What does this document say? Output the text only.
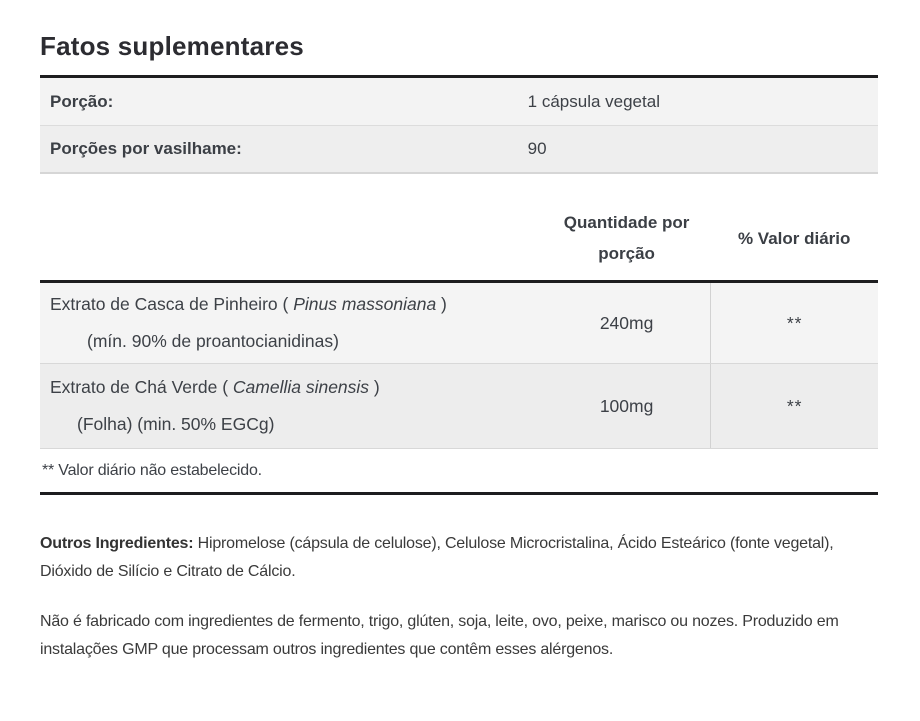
Fatos suplementares
Porção:	1 cápsula vegetal
Porções por vasilhame:	90
Quantidade por porção
% Valor diário
Extrato de Casca de Pinheiro ( Pinus massoniana )
(mín. 90% de proantocianidinas)
240mg	**
Extrato de Chá Verde ( Camellia sinensis )
(Folha) (min. 50% EGCg)
100mg	**
** Valor diário não estabelecido.

Outros Ingredientes: Hipromelose (cápsula de celulose), Celulose Microcristalina, Ácido Esteárico (fonte vegetal), Dióxido de Silício e Citrato de Cálcio.

Não é fabricado com ingredientes de fermento, trigo, glúten, soja, leite, ovo, peixe, marisco ou nozes. Produzido em instalações GMP que processam outros ingredientes que contêm esses alérgenos.
